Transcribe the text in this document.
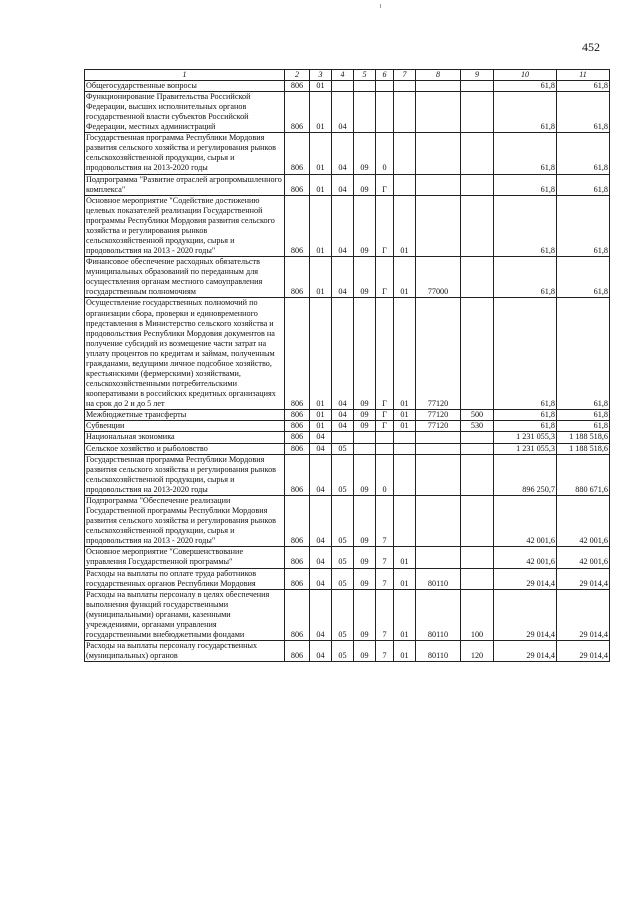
452
1	2	3	4	5	6	7	8	9	10	11
Общегосударственные вопросы	806	01							61,8	61,8
Функционирование Правительства Российской Федерации, высших исполнительных органов государственной власти субъектов Российской Федерации, местных администраций	806	01	04						61,8	61,8
Государственная программа Республики Мордовия развития сельского хозяйства и регулирования рынков сельскохозяйственной продукции, сырья и продовольствия на 2013-2020 годы	806	01	04	09	0				61,8	61,8
Подпрограмма "Развитие отраслей агропромышленного комплекса"	806	01	04	09	Г				61,8	61,8
Основное мероприятие "Содействие достижению целевых показателей реализации Государственной программы Республики Мордовия развития сельского хозяйства и регулирования рынков сельскохозяйственной продукции, сырья и продовольствия на 2013 - 2020 годы"	806	01	04	09	Г	01			61,8	61,8
Финансовое обеспечение расходных обязательств муниципальных образований по переданным для осуществления органам местного самоуправления государственным полномочиям	806	01	04	09	Г	01	77000		61,8	61,8
Осуществление государственных полномочий по организации сбора, проверки и единовременного представления в Министерство сельского хозяйства и продовольствия Республики Мордовия документов на получение субсидий из возмещение части затрат на уплату процентов по кредитам и займам, полученным гражданами, ведущими личное подсобное хозяйство, крестьянскими (фермерскими) хозяйствами, сельскохозяйственными потребительскими кооперативами в российских кредитных организациях на срок до 2 и до 5 лет	806	01	04	09	Г	01	77120		61,8	61,8
Межбюджетные трансферты	806	01	04	09	Г	01	77120	500	61,8	61,8
Субвенции	806	01	04	09	Г	01	77120	530	61,8	61,8
Национальная экономика	806	04							1 231 055,3	1 188 518,6
Сельское хозяйство и рыболовство	806	04	05						1 231 055,3	1 188 518,6
Государственная программа Республики Мордовия развития сельского хозяйства и регулирования рынков сельскохозяйственной продукции, сырья и продовольствия на 2013-2020 годы	806	04	05	09	0				896 250,7	880 671,6
Подпрограмма "Обеспечение реализации Государственной программы Республики Мордовия развития сельского хозяйства и регулирования рынков сельскохозяйственной продукции, сырья и продовольствия на 2013 - 2020 годы"	806	04	05	09	7				42 001,6	42 001,6
Основное мероприятие "Совершенствование управления Государственной программы"	806	04	05	09	7	01			42 001,6	42 001,6
Расходы на выплаты по оплате труда работников государственных органов Республики Мордовия	806	04	05	09	7	01	80110		29 014,4	29 014,4
Расходы на выплаты персоналу в целях обеспечения выполнения функций государственными (муниципальными) органами, казенными учреждениями, органами управления государственными внебюджетными фондами	806	04	05	09	7	01	80110	100	29 014,4	29 014,4
Расходы на выплаты персоналу государственных (муниципальных) органов	806	04	05	09	7	01	80110	120	29 014,4	29 014,4
